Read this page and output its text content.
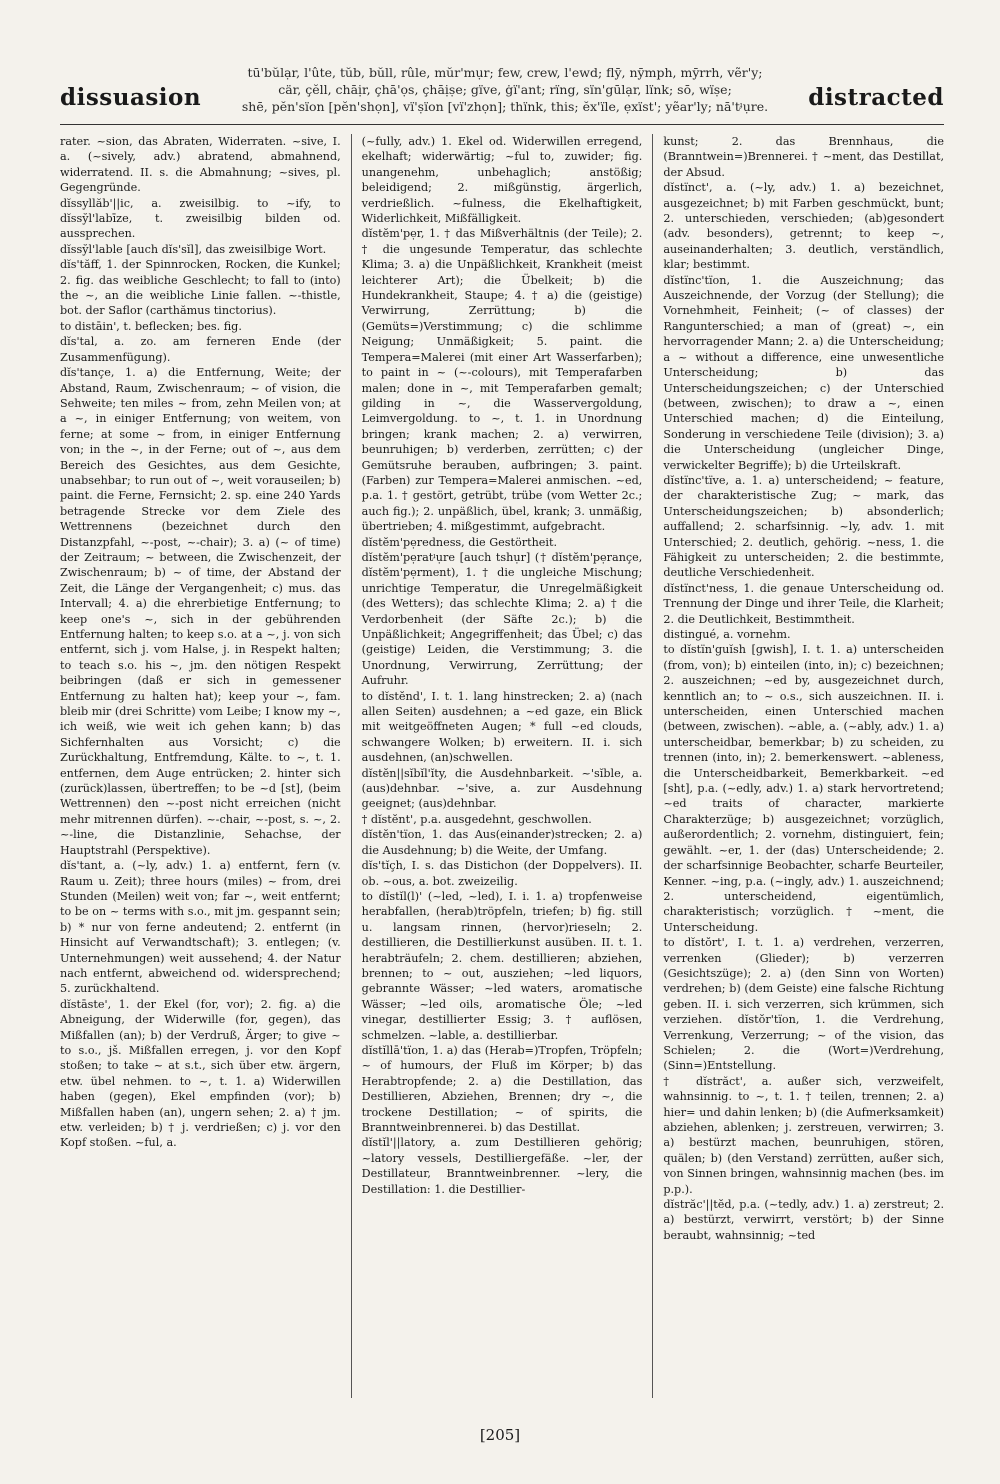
dissuasion
tū'bŭlạr, l'ûte, tŭb, bŭll, rûle, mŭr'mụr; few, crew, l'ewd; flȳ, nȳmph, mȳrrh, vẽr'y;
cär, çĕll, chāịr, çhā'ọs, çhāịṣe; gïve, ġï'ant; rïng, sïn'gūlạr, lïnk; sō, wïṣe;
shē, pĕn'sïon [pĕn'shọn], vï'ṣïon [vï'zhọn]; thïnk, this; ĕx'ïle, ẹxïst'; yẽar'ly; nā'tᶡụre.	distracted

rater. ~sion, das Abraten, Widerraten. ~sive, I. a. (~sively, adv.) abratend, abmahnend, widerratend. II. s. die Abmahnung; ~sives, pl. Gegengründe.

dĭssyllăb'||ic, a. zweisilbig. to ~ify, to dĭssy̆l'labīze, t. zweisilbig bilden od. aussprechen.

dĭssy̆l'lable [auch dĭs'sĭl], das zweisilbige Wort.

dĭs'tăff, 1. der Spinnrocken, Rocken, die Kunkel; 2. fig. das weibliche Geschlecht; to fall to (into) the ~, an die weibliche Linie fallen. ~-thistle, bot. der Saflor (carthămus tinctorius).

to distāin', t. beflecken; bes. fig.

dĭs'tal, a. zo. am ferneren Ende (der Zusammenfügung).

dĭs'tançe, 1. a) die Entfernung, Weite; der Abstand, Raum, Zwischenraum; ~ of vision, die Sehweite; ten miles ~ from, zehn Meilen von; at a ~, in einiger Entfernung; von weitem, von ferne; at some ~ from, in einiger Entfernung von; in the ~, in der Ferne; out of ~, aus dem Bereich des Gesichtes, aus dem Gesichte, unabsehbar; to run out of ~, weit vorauseilen; b) paint. die Ferne, Fernsicht; 2. sp. eine 240 Yards betragende Strecke vor dem Ziele des Wettrennens (bezeichnet durch den Distanzpfahl, ~-post, ~-chair); 3. a) (~ of time) der Zeitraum; ~ between, die Zwischenzeit, der Zwischenraum; b) ~ of time, der Abstand der Zeit, die Länge der Vergangenheit; c) mus. das Intervall; 4. a) die ehrerbietige Entfernung; to keep one's ~, sich in der gebührenden Entfernung halten; to keep s.o. at a ~, j. von sich entfernt, sich j. vom Halse, j. in Respekt halten; to teach s.o. his ~, jm. den nötigen Respekt beibringen (daß er sich in gemessener Entfernung zu halten hat); keep your ~, fam. bleib mir (drei Schritte) vom Leibe; I know my ~, ich weiß, wie weit ich gehen kann; b) das Sichfernhalten aus Vorsicht; c) die Zurückhaltung, Entfremdung, Kälte. to ~, t. 1. entfernen, dem Auge entrücken; 2. hinter sich (zurück)lassen, übertreffen; to be ~d [st], (beim Wettrennen) den ~-post nicht erreichen (nicht mehr mitrennen dürfen). ~-chair, ~-post, s. ~, 2. ~-line, die Distanzlinie, Sehachse, der Hauptstrahl (Perspektive).

dĭs'tant, a. (~ly, adv.) 1. a) entfernt, fern (v. Raum u. Zeit); three hours (miles) ~ from, drei Stunden (Meilen) weit von; far ~, weit entfernt; to be on ~ terms with s.o., mit jm. gespannt sein; b) * nur von ferne andeutend; 2. entfernt (in Hinsicht auf Verwandtschaft); 3. entlegen; (v. Unternehmungen) weit aussehend; 4. der Natur nach entfernt, abweichend od. widersprechend; 5. zurückhaltend.

dĭstāste', 1. der Ekel (for, vor); 2. fig. a) die Abneigung, der Widerwille (for, gegen), das Mißfallen (an); b) der Verdruß, Ärger; to give ~ to s.o., jš. Mißfallen erregen, j. vor den Kopf stoßen; to take ~ at s.t., sich über etw. ärgern, etw. übel nehmen. to ~, t. 1. a) Widerwillen haben (gegen), Ekel empfinden (vor); b) Mißfallen haben (an), ungern sehen; 2. a) † jm. etw. verleiden; b) † j. verdrießen; c) j. vor den Kopf stoßen. ~ful, a.

(~fully, adv.) 1. Ekel od. Widerwillen erregend, ekelhaft; widerwärtig; ~ful to, zuwider; fig. unangenehm, unbehaglich; anstößig; beleidigend; 2. mißgünstig, ärgerlich, verdrießlich. ~fulness, die Ekelhaftigkeit, Widerlichkeit, Mißfälligkeit.

dĭstĕm'pẹr, 1. † das Mißverhältnis (der Teile); 2. † die ungesunde Temperatur, das schlechte Klima; 3. a) die Unpäßlichkeit, Krankheit (meist leichterer Art); die Übelkeit; b) die Hundekrankheit, Staupe; 4. † a) die (geistige) Verwirrung, Zerrüttung; b) die (Gemüts=)Verstimmung; c) die schlimme Neigung; Unmäßigkeit; 5. paint. die Tempera=Malerei (mit einer Art Wasserfarben); to paint in ~ (~-colours), mit Temperafarben malen; done in ~, mit Temperafarben gemalt; gilding in ~, die Wasservergoldung, Leimvergoldung. to ~, t. 1. in Unordnung bringen; krank machen; 2. a) verwirren, beunruhigen; b) verderben, zerrütten; c) der Gemütsruhe berauben, aufbringen; 3. paint. (Farben) zur Tempera=Malerei anmischen. ~ed, p.a. 1. † gestört, getrübt, trübe (vom Wetter 2c.; auch fig.); 2. unpäßlich, übel, krank; 3. unmäßig, übertrieben; 4. mißgestimmt, aufgebracht.

dĭstĕm'pẹredness, die Gestörtheit.

dĭstĕm'pẹratᶡụre [auch tshụr] († dĭstĕm'pẹrançe, dĭstĕm'pẹrment), 1. † die ungleiche Mischung; unrichtige Temperatur, die Unregelmäßigkeit (des Wetters); das schlechte Klima; 2. a) † die Verdorbenheit (der Säfte 2c.); b) die Unpäßlichkeit; Angegriffenheit; das Übel; c) das (geistige) Leiden, die Verstimmung; 3. die Unordnung, Verwirrung, Zerrüttung; der Aufruhr.

to dĭstĕnd', I. t. 1. lang hinstrecken; 2. a) (nach allen Seiten) ausdehnen; a ~ed gaze, ein Blick mit weitgeöffneten Augen; * full ~ed clouds, schwangere Wolken; b) erweitern. II. i. sich ausdehnen, (an)schwellen.

dĭstĕn||sĭbĭl'ĭty, die Ausdehnbarkeit. ~'sĭble, a. (aus)dehnbar. ~'sive, a. zur Ausdehnung geeignet; (aus)dehnbar.

† dĭstĕnt', p.a. ausgedehnt, geschwollen.

dĭstĕn'tïon, 1. das Aus(einander)strecken; 2. a) die Ausdehnung; b) die Weite, der Umfang.

dĭs'tĭçh, I. s. das Distichon (der Doppelvers). II. ob. ~ous, a. bot. zweizeilig.

to dĭstĭl(l)' (~led, ~led), I. i. 1. a) tropfenweise herabfallen, (herab)tröpfeln, triefen; b) fig. still u. langsam rinnen, (hervor)rieseln; 2. destillieren, die Destillierkunst ausüben. II. t. 1. herabträufeln; 2. chem. destillieren; abziehen, brennen; to ~ out, ausziehen; ~led liquors, gebrannte Wässer; ~led waters, aromatische Wässer; ~led oils, aromatische Öle; ~led vinegar, destillierter Essig; 3. † auflösen, schmelzen. ~lable, a. destillierbar.

dĭstĭllā'tïon, 1. a) das (Herab=)Tropfen, Tröpfeln; ~ of humours, der Fluß im Körper; b) das Herabtropfende; 2. a) die Destillation, das Destillieren, Abziehen, Brennen; dry ~, die trockene Destillation; ~ of spirits, die Branntweinbrennerei. b) das Destillat.

dĭstĭl'||latory, a. zum Destillieren gehörig; ~latory vessels, Destilliergefäße. ~ler, der Destillateur, Branntweinbrenner. ~lery, die Destillation: 1. die Destillier-

kunst; 2. das Brennhaus, die (Branntwein=)Brennerei. † ~ment, das Destillat, der Absud.

dĭstïnct', a. (~ly, adv.) 1. a) bezeichnet, ausgezeichnet; b) mit Farben geschmückt, bunt; 2. unterschieden, verschieden; (ab)gesondert (adv. besonders), getrennt; to keep ~, auseinanderhalten; 3. deutlich, verständlich, klar; bestimmt.

dĭstïnc'tïon, 1. die Auszeichnung; das Auszeichnende, der Vorzug (der Stellung); die Vornehmheit, Feinheit; (~ of classes) der Rangunterschied; a man of (great) ~, ein hervorragender Mann; 2. a) die Unterscheidung; a ~ without a difference, eine unwesentliche Unterscheidung; b) das Unterscheidungszeichen; c) der Unterschied (between, zwischen); to draw a ~, einen Unterschied machen; d) die Einteilung, Sonderung in verschiedene Teile (division); 3. a) die Unterscheidung (ungleicher Dinge, verwickelter Begriffe); b) die Urteilskraft.

dĭstïnc'tïve, a. 1. a) unterscheidend; ~ feature, der charakteristische Zug; ~ mark, das Unterscheidungszeichen; b) absonderlich; auffallend; 2. scharfsinnig. ~ly, adv. 1. mit Unterschied; 2. deutlich, gehörig. ~ness, 1. die Fähigkeit zu unterscheiden; 2. die bestimmte, deutliche Verschiedenheit.

dĭstïnct'ness, 1. die genaue Unterscheidung od. Trennung der Dinge und ihrer Teile, die Klarheit; 2. die Deutlichkeit, Bestimmtheit.

distingué, a. vornehm.

to dĭstïn'guĭsh [gwish], I. t. 1. a) unterscheiden (from, von); b) einteilen (into, in); c) bezeichnen; 2. auszeichnen; ~ed by, ausgezeichnet durch, kenntlich an; to ~ o.s., sich auszeichnen. II. i. unterscheiden, einen Unterschied machen (between, zwischen). ~able, a. (~ably, adv.) 1. a) unterscheidbar, bemerkbar; b) zu scheiden, zu trennen (into, in); 2. bemerkenswert. ~ableness, die Unterscheidbarkeit, Bemerkbarkeit. ~ed [sht], p.a. (~edly, adv.) 1. a) stark hervortretend; ~ed traits of character, markierte Charakterzüge; b) ausgezeichnet; vorzüglich, außerordentlich; 2. vornehm, distinguiert, fein; gewählt. ~er, 1. der (das) Unterscheidende; 2. der scharfsinnige Beobachter, scharfe Beurteiler, Kenner. ~ing, p.a. (~ingly, adv.) 1. auszeichnend; 2. unterscheidend, eigentümlich, charakteristisch; vorzüglich. † ~ment, die Unterscheidung.

to dĭstŏrt', I. t. 1. a) verdrehen, verzerren, verrenken (Glieder); b) verzerren (Gesichtszüge); 2. a) (den Sinn von Worten) verdrehen; b) (dem Geiste) eine falsche Richtung geben. II. i. sich verzerren, sich krümmen, sich verziehen. dĭstŏr'tïon, 1. die Verdrehung, Verrenkung, Verzerrung; ~ of the vision, das Schielen; 2. die (Wort=)Verdrehung, (Sinn=)Entstellung.

† dĭstrăct', a. außer sich, verzweifelt, wahnsinnig. to ~, t. 1. † teilen, trennen; 2. a) hier= und dahin lenken; b) (die Aufmerksamkeit) abziehen, ablenken; j. zerstreuen, verwirren; 3. a) bestürzt machen, beunruhigen, stören, quälen; b) (den Verstand) zerrütten, außer sich, von Sinnen bringen, wahnsinnig machen (bes. im p.p.).

dĭstrăc'||tĕd, p.a. (~tedly, adv.) 1. a) zerstreut; 2. a) bestürzt, verwirrt, verstört; b) der Sinne beraubt, wahnsinnig; ~ted

[205]
